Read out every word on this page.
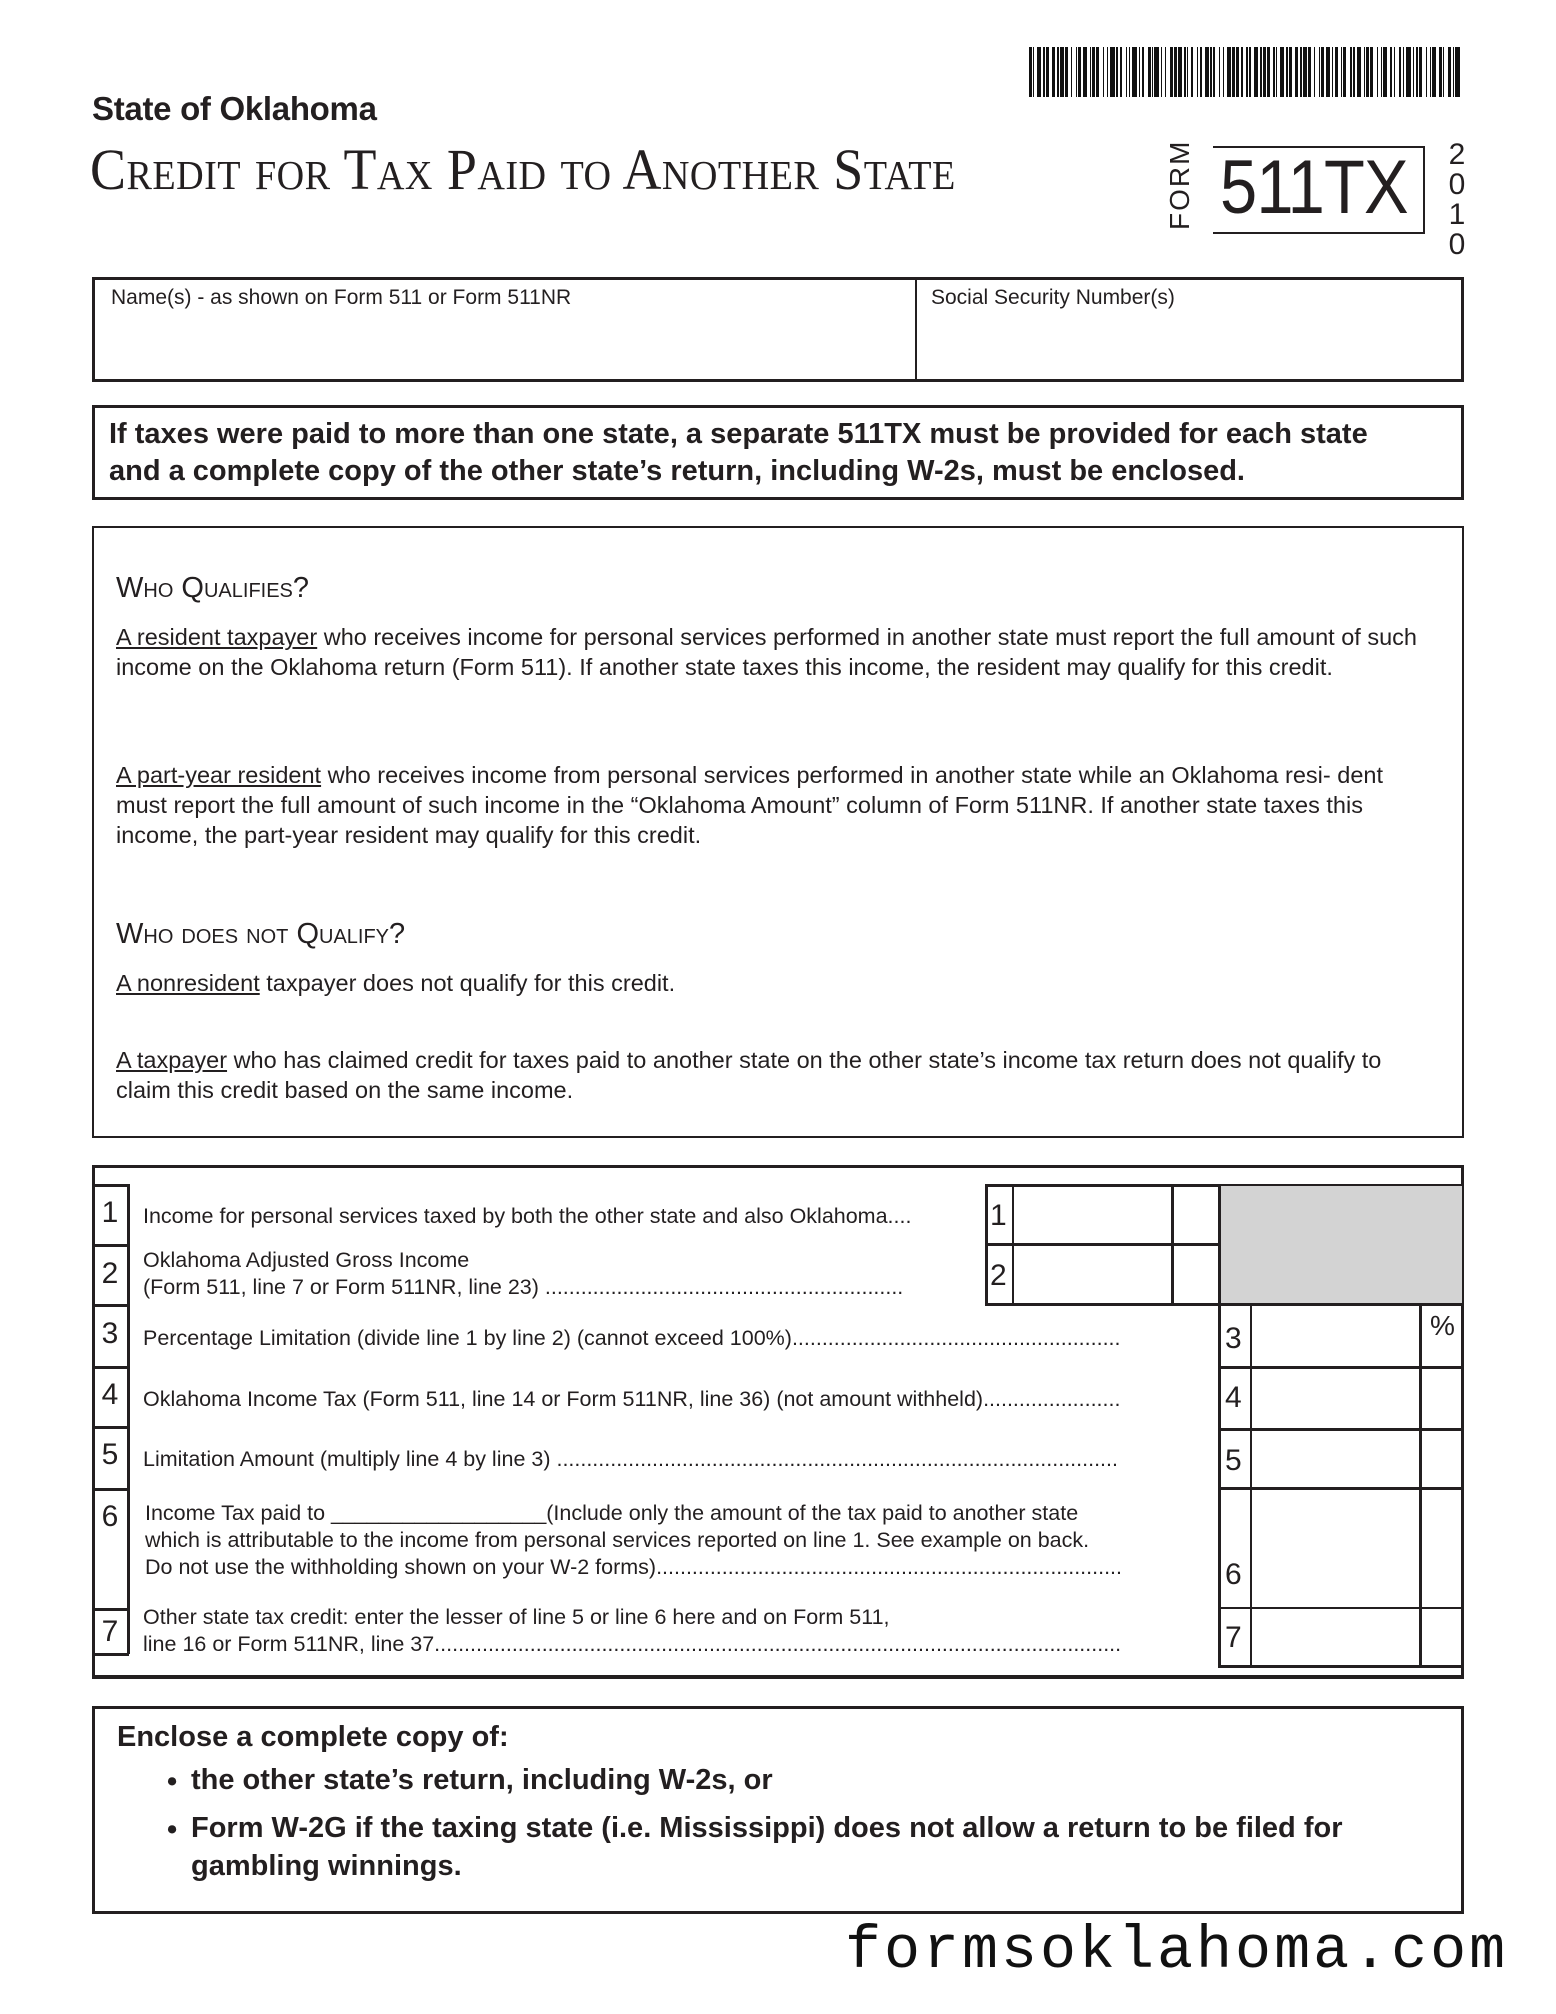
State of Oklahoma
Credit for Tax Paid to Another State	FORM 511TX 2
0
1
0
Name(s) - as shown on Form 511 or Form 511NR	Social Security Number(s)

If taxes were paid to more than one state, a separate 511TX must be provided for each state

and a complete copy of the other state’s return, including W-2s, must be enclosed.

Who Qualifies?

A resident taxpayer who receives income for personal services performed in another state must report the full amount of such income on the Oklahoma return (Form 511). If another state taxes this income, the resident may qualify for this credit.

A part-year resident who receives income from personal services performed in another state while an Oklahoma resi- dent must report the full amount of such income in the “Oklahoma Amount” column of Form 511NR. If another state taxes this income, the part-year resident may qualify for this credit.

Who does not Qualify?

A nonresident taxpayer does not qualify for this credit.

A taxpayer who has claimed credit for taxes paid to another state on the other state’s income tax return does not qualify to claim this credit based on the same income.

1
2
3
4
5
6
7
Income for personal services taxed by both the other state and also Oklahoma....
Oklahoma Adjusted Gross Income
(Form 511, line 7 or Form 511NR, line 23) ............................................................
Percentage Limitation (divide line 1 by line 2) (cannot exceed 100%).......................................................
Oklahoma Income Tax (Form 511, line 14 or Form 511NR, line 36) (not amount withheld).......................
Limitation Amount (multiply line 4 by line 3) ..............................................................................................
Income Tax paid to __________________(Include only the amount of the tax paid to another state
which is attributable to the income from personal services reported on line 1. See example on back.
Do not use the withholding shown on your W-2 forms)..............................................................................
Other state tax credit: enter the lesser of line 5 or line 6 here and on Form 511,
line 16 or Form 511NR, line 37...................................................................................................................
1
2
3
4
5
6
7
%
Enclose a complete copy of:
• the other state’s return, including W-2s, or
• Form W-2G if the taxing state (i.e. Mississippi) does not allow a return to be filed for gambling winnings.
formsoklahoma.com
